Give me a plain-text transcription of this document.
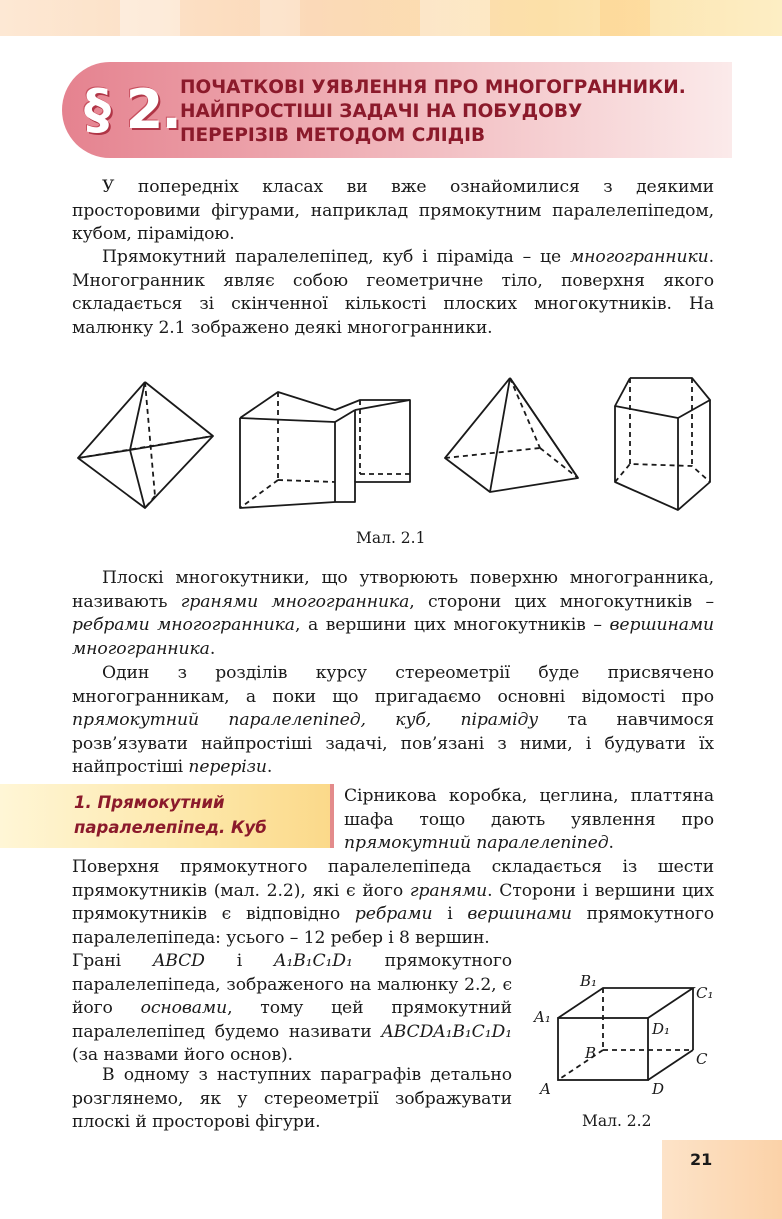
§ 2. ПОЧАТКОВІ УЯВЛЕННЯ ПРО МНОГОГРАННИКИ.
НАЙПРОСТІШІ ЗАДАЧІ НА ПОБУДОВУ
ПЕРЕРІЗІВ МЕТОДОМ СЛІДІВ

У попередніх класах ви вже ознайомилися з деякими просторовими фігурами, наприклад прямокутним паралелепіпедом, кубом, пірамідою.

Прямокутний паралелепіпед, куб і піраміда – це многогранники. Многогранник являє собою геометричне тіло, поверхня якого складається зі скінченної кількості плоских многокутників. На малюнку 2.1 зображено деякі многогранники.

Мал. 2.1

Плоскі многокутники, що утворюють поверхню многогранника, називають гранями многогранника, сторони цих многокутників – ребрами многогранника, а вершини цих многокутників – вершинами многогранника.

Один з розділів курсу стереометрії буде присвячено многогранникам, а поки що пригадаємо основні відомості про прямокутний паралелепіпед, куб, піраміду та навчимося розв’язувати найпростіші задачі, пов’язані з ними, і будувати їх найпростіші перерізи.

1. Прямокутний
паралелепіпед. Куб

Сірникова коробка, цеглина, платтяна шафа тощо дають уявлення про прямокутний паралелепіпед.

Поверхня прямокутного паралелепіпеда складається із шести прямокутників (мал. 2.2), які є його гранями. Сторони і вершини цих прямокутників є відповідно ребрами і вершинами прямокутного паралелепіпеда: усього – 12 ребер і 8 вершин.

Грані ABCD і A₁B₁C₁D₁ прямокутного паралелепіпеда, зображеного на малюнку 2.2, є його основами, тому цей прямокутний паралелепіпед будемо називати ABCDA₁B₁C₁D₁ (за назвами його основ).

В одному з наступних параграфів детально розглянемо, як у стереометрії зображувати плоскі й просторові фігури.

B₁
C₁
A₁
D₁
B	C
A	D
Мал. 2.2
21
